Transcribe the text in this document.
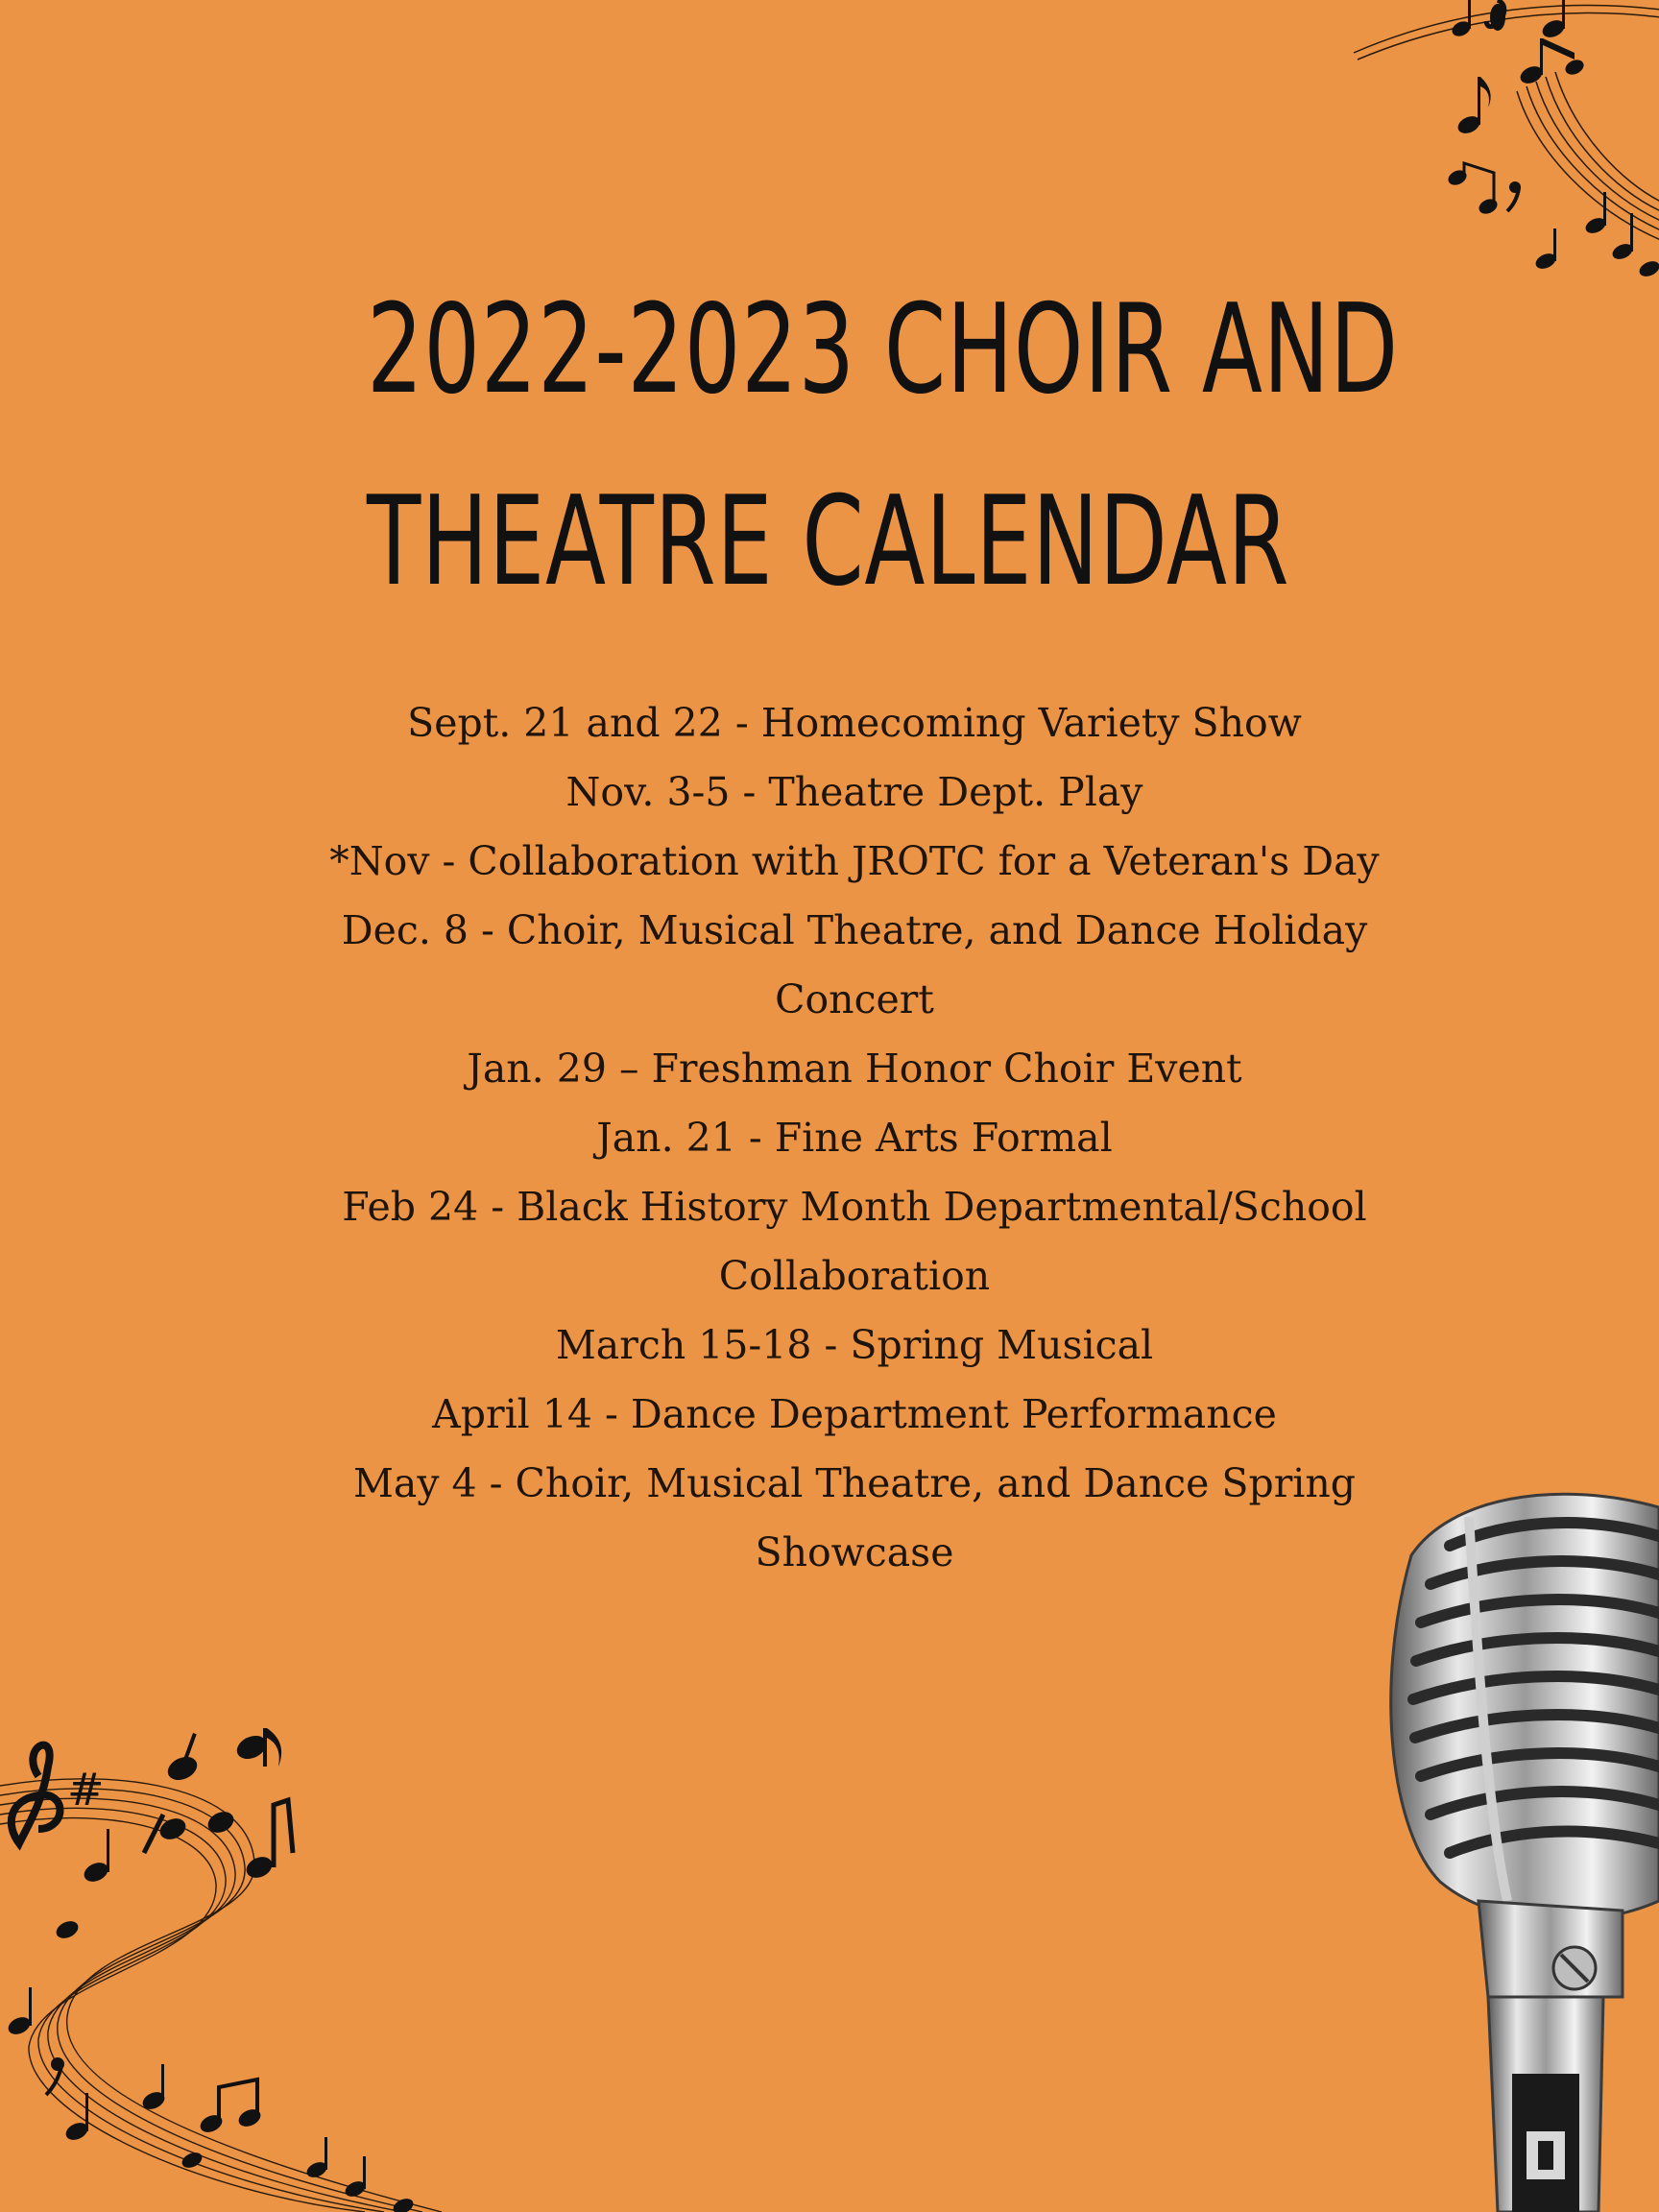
#
2022-2023 CHOIR AND
THEATRE CALENDAR
Sept. 21 and 22 - Homecoming Variety Show
Nov. 3-5 - Theatre Dept. Play
*Nov - Collaboration with JROTC for a Veteran's Day
Dec. 8 - Choir, Musical Theatre, and Dance Holiday Concert
Jan. 29 – Freshman Honor Choir Event
Jan. 21 - Fine Arts Formal
Feb 24 - Black History Month Departmental/School Collaboration
March 15-18 - Spring Musical
April 14 - Dance Department Performance
May 4 - Choir, Musical Theatre, and Dance Spring Showcase
